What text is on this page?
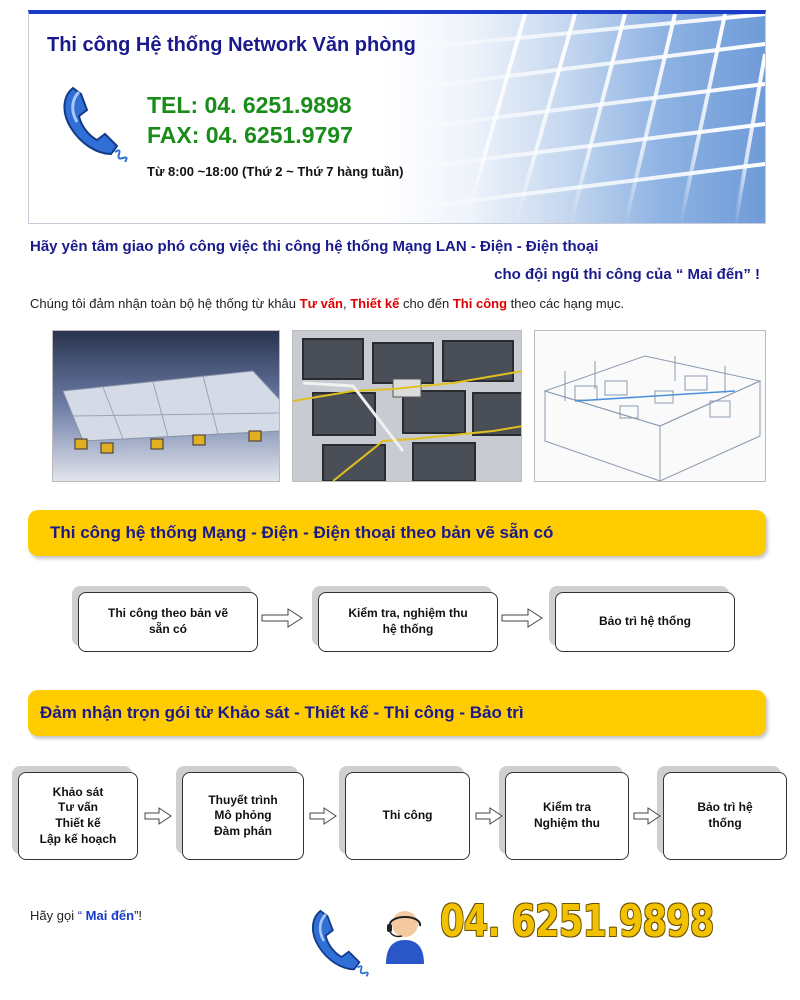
Thi công Hệ thống Network Văn phòng
TEL: 04. 6251.9898
FAX: 04. 6251.9797
Từ 8:00 ~18:00 (Thứ 2 ~ Thứ 7 hàng tuần)
Hãy yên tâm giao phó công việc thi công hệ thống Mạng LAN - Điện - Điện thoại
cho đội ngũ thi công của “ Mai đến” !
Chúng tôi đảm nhận toàn bộ hệ thống từ khâu Tư vấn, Thiết kế cho đến Thi công theo các hạng mục.
Thi công hệ thống Mạng - Điện - Điện thoại theo bản vẽ sẵn có
Thi công theo bản vẽ
sẵn có
Kiểm tra, nghiệm thu
hệ thống
Bảo trì hệ thống
Đảm nhận trọn gói từ Khảo sát - Thiết kế - Thi công - Bảo trì
Khảo sát
Tư vấn
Thiết kế
Lập kế hoạch
Thuyết trình
Mô phỏng
Đàm phán
Thi công
Kiểm tra
Nghiệm thu
Bảo trì hệ
thống
Hãy gọi “ Mai đến”!	04. 6251.9898
